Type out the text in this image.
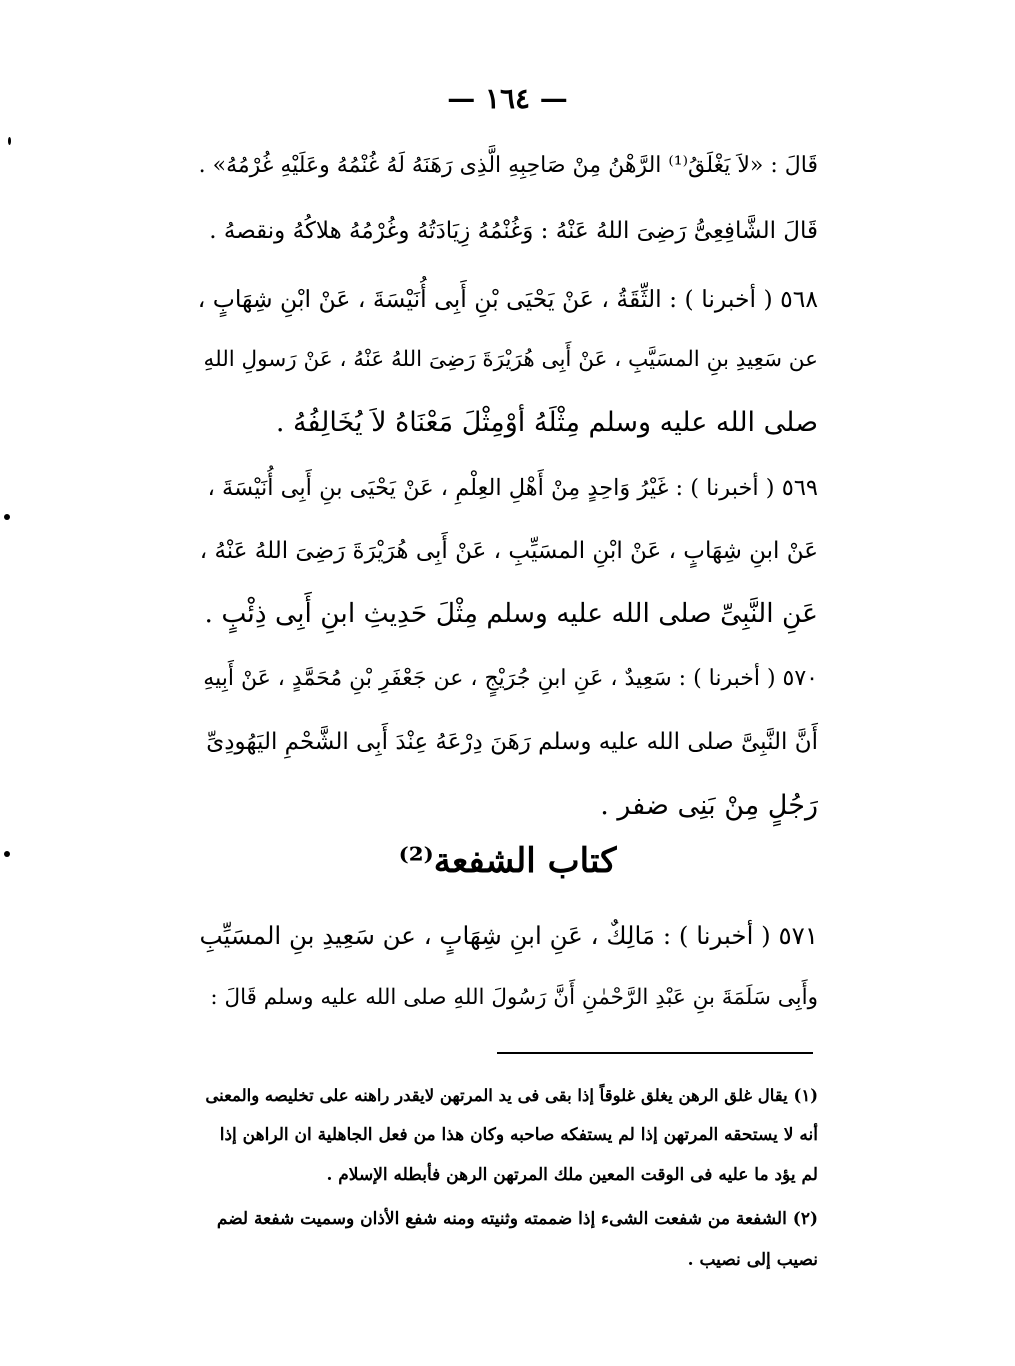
— ١٦٤ —
قَالَ : «لاَ يَغْلَقُ⁽¹⁾ الرَّهْنُ مِنْ صَاحِبِهِ الَّذِى رَهَنَهُ لَهُ غُنْمُهُ وعَلَيْهِ غُرْمُهُ» .
قَالَ الشَّافِعِىُّ رَضِىَ اللهُ عَنْهُ : وَغُنْمُهُ زِيَادَتُهُ وغُرْمُهُ هلاكُهُ ونقصهُ .
٥٦٨ ( أخبرنا ) : الثِّقَةُ ، عَنْ يَحْيَى بْنِ أَبِى أُنَيْسَةَ ، عَنْ ابْنِ شِهَابٍ ،
عن سَعِيدِ بنِ المسَيَّبِ ، عَنْ أَبِى هُرَيْرَةَ رَضِىَ اللهُ عَنْهُ ، عَنْ رَسولِ اللهِ
صلى الله عليه وسلم مِثْلَهُ أوْمِثْلَ مَعْنَاهُ لاَ يُخَالِفُهُ .
٥٦٩ ( أخبرنا ) : غَيْرُ وَاحِدٍ مِنْ أَهْلِ العِلْمِ ، عَنْ يَحْيَى بنِ أَبِى أُنَيْسَةَ ،
عَنْ ابنِ شِهَابٍ ، عَنْ ابْنِ المسَيِّبِ ، عَنْ أَبِى هُرَيْرَةَ رَضِىَ اللهُ عَنْهُ ،
عَنِ النَّبِىِّ صلى الله عليه وسلم مِثْلَ حَدِيثِ ابنِ أَبِى ذِئْبٍ .
٥٧٠ ( أخبرنا ) : سَعِيدٌ ، عَنِ ابنِ جُرَيْجٍ ، عن جَعْفَرِ بْنِ مُحَمَّدٍ ، عَنْ أَبِيهِ
أَنَّ النَّبِىَّ صلى الله عليه وسلم رَهَنَ دِرْعَهُ عِنْدَ أَبِى الشَّحْمِ اليَهُودِىِّ
رَجُلٍ مِنْ بَنِى ضفر .
كتاب الشفعة⁽²⁾
٥٧١ ( أخبرنا ) : مَالِكٌ ، عَنِ ابنِ شِهَابٍ ، عن سَعِيدِ بنِ المسَيِّبِ
وأَبِى سَلَمَةَ بنِ عَبْدِ الرَّحْمٰنِ أَنَّ رَسُولَ اللهِ صلى الله عليه وسلم قَالَ :
(١) يقال غلق الرهن يغلق غلوقاً إذا بقى فى يد المرتهن لايقدر راهنه على تخليصه والمعنى
أنه لا يستحقه المرتهن إذا لم يستفكه صاحبه وكان هذا من فعل الجاهلية ان الراهن إذا
لم يؤد ما عليه فى الوقت المعين ملك المرتهن الرهن فأبطله الإسلام .
(٢) الشفعة من شفعت الشىء إذا ضممته وثنيته ومنه شفع الأذان وسميت شفعة لضم
نصيب إلى نصيب .
